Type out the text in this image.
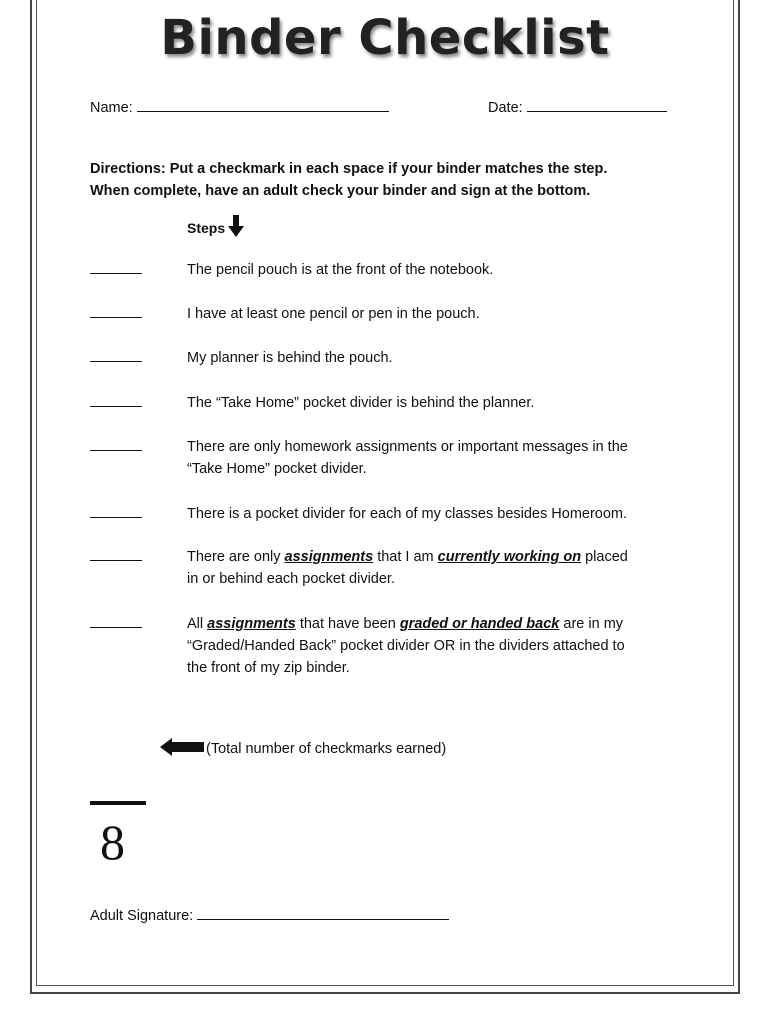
Binder Checklist
Name:	Date:
Directions: Put a checkmark in each space if your binder matches the step.
When complete, have an adult check your binder and sign at the bottom.
Steps
The pencil pouch is at the front of the notebook.
I have at least one pencil or pen in the pouch.
My planner is behind the pouch.
The “Take Home” pocket divider is behind the planner.
There are only homework assignments or important messages in the
“Take Home” pocket divider.
There is a pocket divider for each of my classes besides Homeroom.
There are only assignments that I am currently working on placed
in or behind each pocket divider.
All assignments that have been graded or handed back are in my
“Graded/Handed Back” pocket divider OR in the dividers attached to
the front of my zip binder.
(Total number of checkmarks earned)
8
Adult Signature:
